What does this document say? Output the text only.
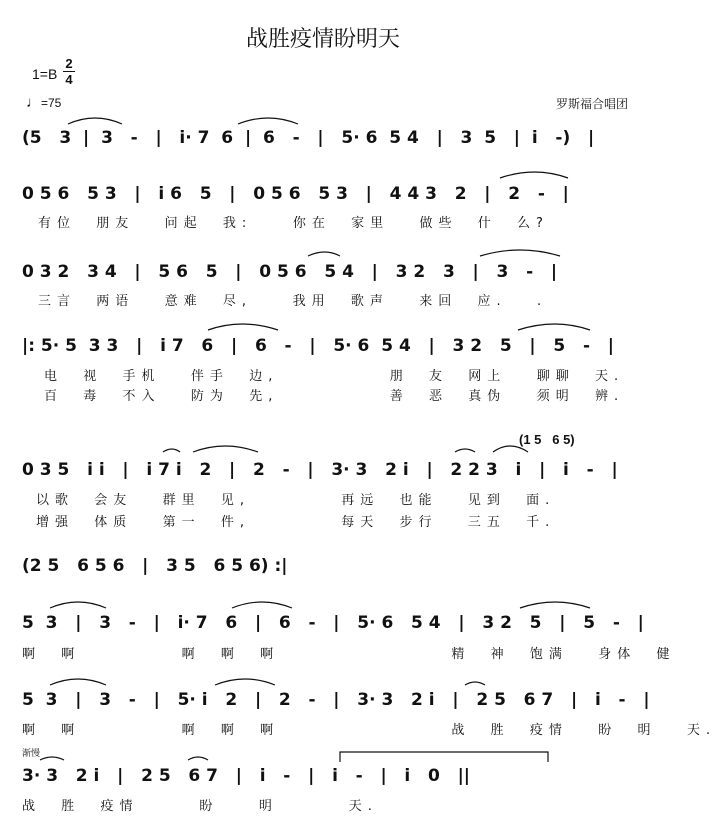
战胜疫情盼明天
$1=B \frac{2}{4}$
♩=75	罗斯福合唱团
渐慢
(5   3  |  3   -   |   i· 7  6  |  6   -   |   5· 6  5 4   |   3  5   |  i   -)   |
0 5 6   5 3   |   i 6   5   |   0 5 6   5 3   |   4 4 3   2   |   2   -   |
有位  朋友   问起  我:    你在  家里   做些  什  么?
0 3 2   3 4   |   5 6   5   |   0 5 6   5 4   |   3 2   3   |   3   -   |
三言  两语   意难  尽,    我用  歌声   来回  应.   .
|: 5· 5  3 3   |   i 7   6   |   6   -   |   5· 6  5 4   |   3 2   5   |   5   -   |
电  视  手机   伴手  边,           朋  友  网上   聊聊  天.
百  毒  不入   防为  先,           善  恶  真伪   须明  辨.
(1 5   6 5)
0 3 5   i i   |   i 7 i   2   |   2   -   |   3· 3   2 i   |   2 2 3   i   |   i   -   |
以歌  会友   群里  见,         再远  也能   见到  面.
增强  体质   第一  件,         每天  步行   三五  千.
(2 5   6 5 6   |   3 5   6 5 6) :|
5  3   |   3   -   |   i· 7   6   |   6   -   |   5· 6   5 4   |   3 2   5   |   5   -   |
啊  啊          啊  啊  啊                 精  神  饱满   身体  健
5  3   |   3   -   |   5· i   2   |   2   -   |   3· 3   2 i   |   2 5   6 7   |   i   -   |
啊  啊          啊  啊  啊                 战  胜  疫情   盼  明   天.
3· 3   2 i   |   2 5   6 7   |   i   -   |   i   -   |   i   0   ||
战  胜  疫情      盼    明       天.
